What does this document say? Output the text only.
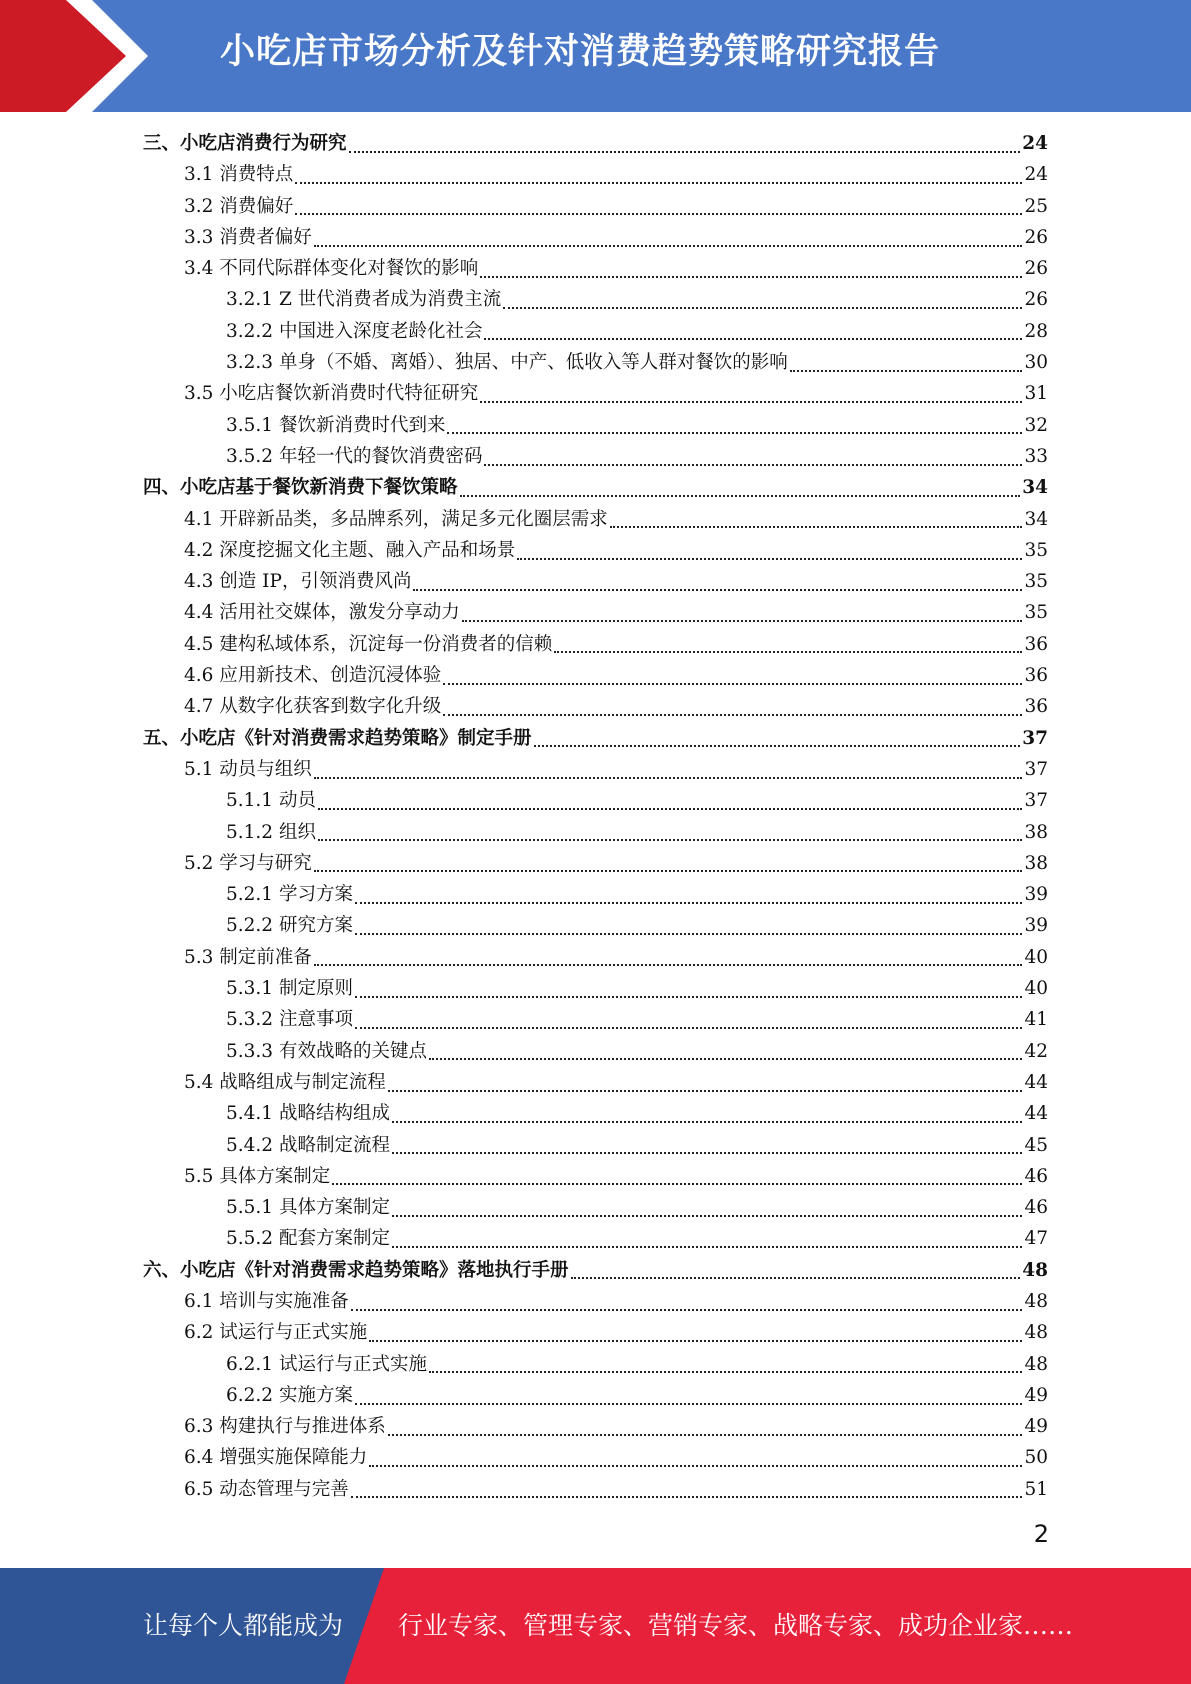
小吃店市场分析及针对消费趋势策略研究报告
三、小吃店消费行为研究	24
3.1 消费特点	24
3.2 消费偏好	25
3.3 消费者偏好	26
3.4 不同代际群体变化对餐饮的影响	26
3.2.1 Z 世代消费者成为消费主流	26
3.2.2 中国进入深度老龄化社会	28
3.2.3 单身（不婚、离婚）、独居、中产、低收入等人群对餐饮的影响	30
3.5 小吃店餐饮新消费时代特征研究	31
3.5.1 餐饮新消费时代到来	32
3.5.2 年轻一代的餐饮消费密码	33
四、小吃店基于餐饮新消费下餐饮策略	34
4.1 开辟新品类，多品牌系列，满足多元化圈层需求	34
4.2 深度挖掘文化主题、融入产品和场景	35
4.3 创造 IP，引领消费风尚	35
4.4 活用社交媒体，激发分享动力	35
4.5 建构私域体系，沉淀每一份消费者的信赖	36
4.6 应用新技术、创造沉浸体验	36
4.7 从数字化获客到数字化升级	36
五、小吃店《针对消费需求趋势策略》制定手册	37
5.1 动员与组织	37
5.1.1 动员	37
5.1.2 组织	38
5.2 学习与研究	38
5.2.1 学习方案	39
5.2.2 研究方案	39
5.3 制定前准备	40
5.3.1 制定原则	40
5.3.2 注意事项	41
5.3.3 有效战略的关键点	42
5.4 战略组成与制定流程	44
5.4.1 战略结构组成	44
5.4.2 战略制定流程	45
5.5 具体方案制定	46
5.5.1 具体方案制定	46
5.5.2 配套方案制定	47
六、小吃店《针对消费需求趋势策略》落地执行手册	48
6.1 培训与实施准备	48
6.2 试运行与正式实施	48
6.2.1 试运行与正式实施	48
6.2.2 实施方案	49
6.3 构建执行与推进体系	49
6.4 增强实施保障能力	50
6.5 动态管理与完善	51
2
让每个人都能成为 行业专家、管理专家、营销专家、战略专家、成功企业家……
